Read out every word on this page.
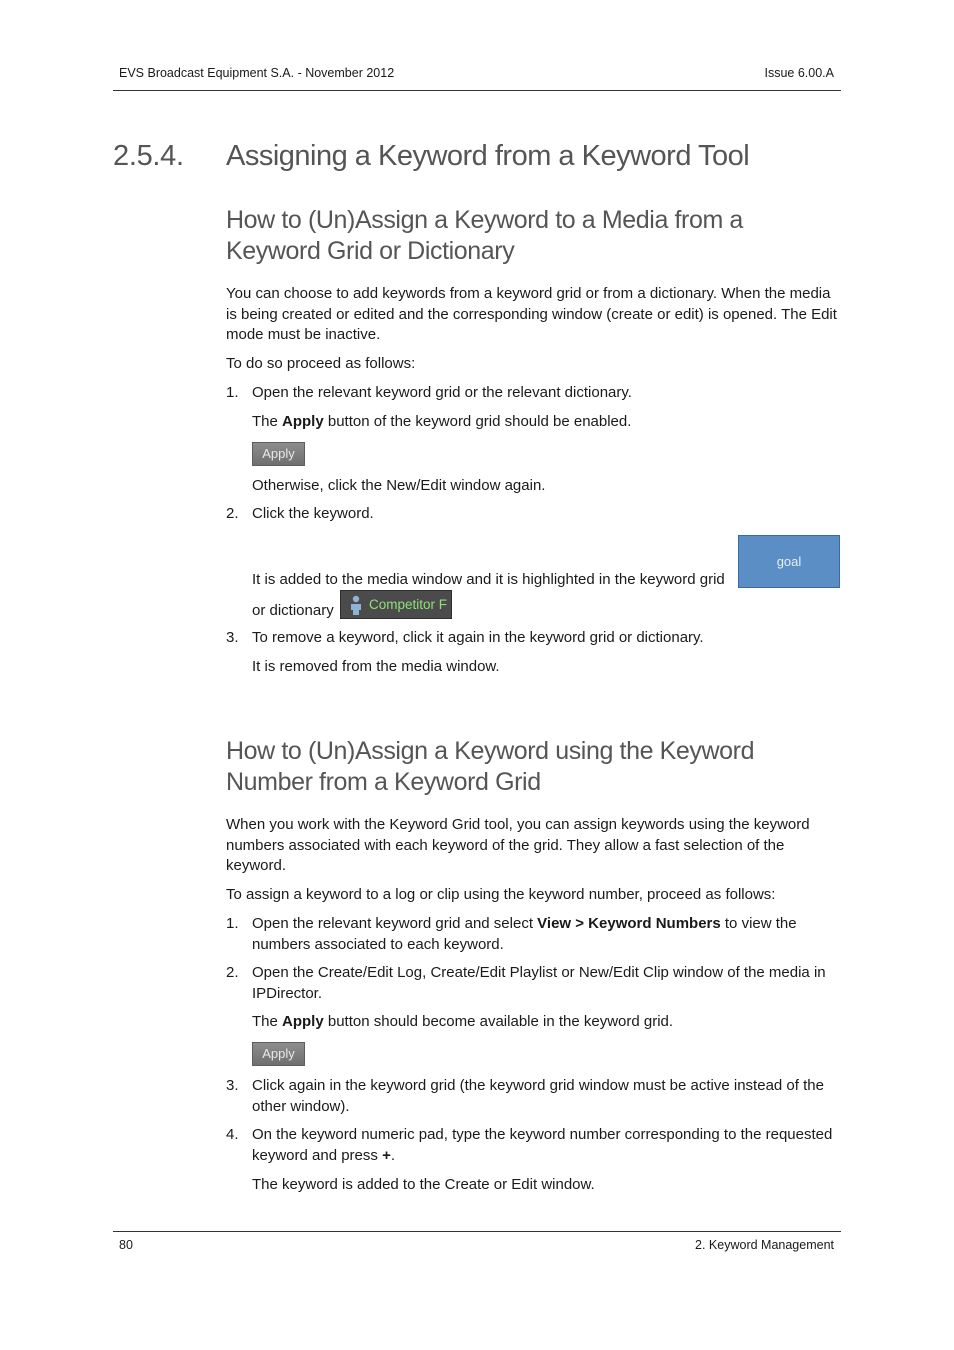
EVS Broadcast Equipment S.A. - November 2012	Issue 6.00.A
2.5.4. Assigning a Keyword from a Keyword Tool
How to (Un)Assign a Keyword to a Media from a
Keyword Grid or Dictionary
You can choose to add keywords from a keyword grid or from a dictionary. When the media is being created or edited and the corresponding window (create or edit) is opened. The Edit mode must be inactive.
To do so proceed as follows:
1. Open the relevant keyword grid or the relevant dictionary.
The Apply button of the keyword grid should be enabled.
Apply
Otherwise, click the New/Edit window again.
2. Click the keyword.
It is added to the media window and it is highlighted in the keyword grid
goal
or dictionary	Competitor F
3. To remove a keyword, click it again in the keyword grid or dictionary.
It is removed from the media window.
How to (Un)Assign a Keyword using the Keyword
Number from a Keyword Grid
When you work with the Keyword Grid tool, you can assign keywords using the keyword numbers associated with each keyword of the grid. They allow a fast selection of the keyword.
To assign a keyword to a log or clip using the keyword number, proceed as follows:
1. Open the relevant keyword grid and select View > Keyword Numbers to view the numbers associated to each keyword.
2. Open the Create/Edit Log, Create/Edit Playlist or New/Edit Clip window of the media in IPDirector.
The Apply button should become available in the keyword grid.
Apply
3. Click again in the keyword grid (the keyword grid window must be active instead of the other window).
4. On the keyword numeric pad, type the keyword number corresponding to the requested keyword and press +.
The keyword is added to the Create or Edit window.
80	2. Keyword Management
